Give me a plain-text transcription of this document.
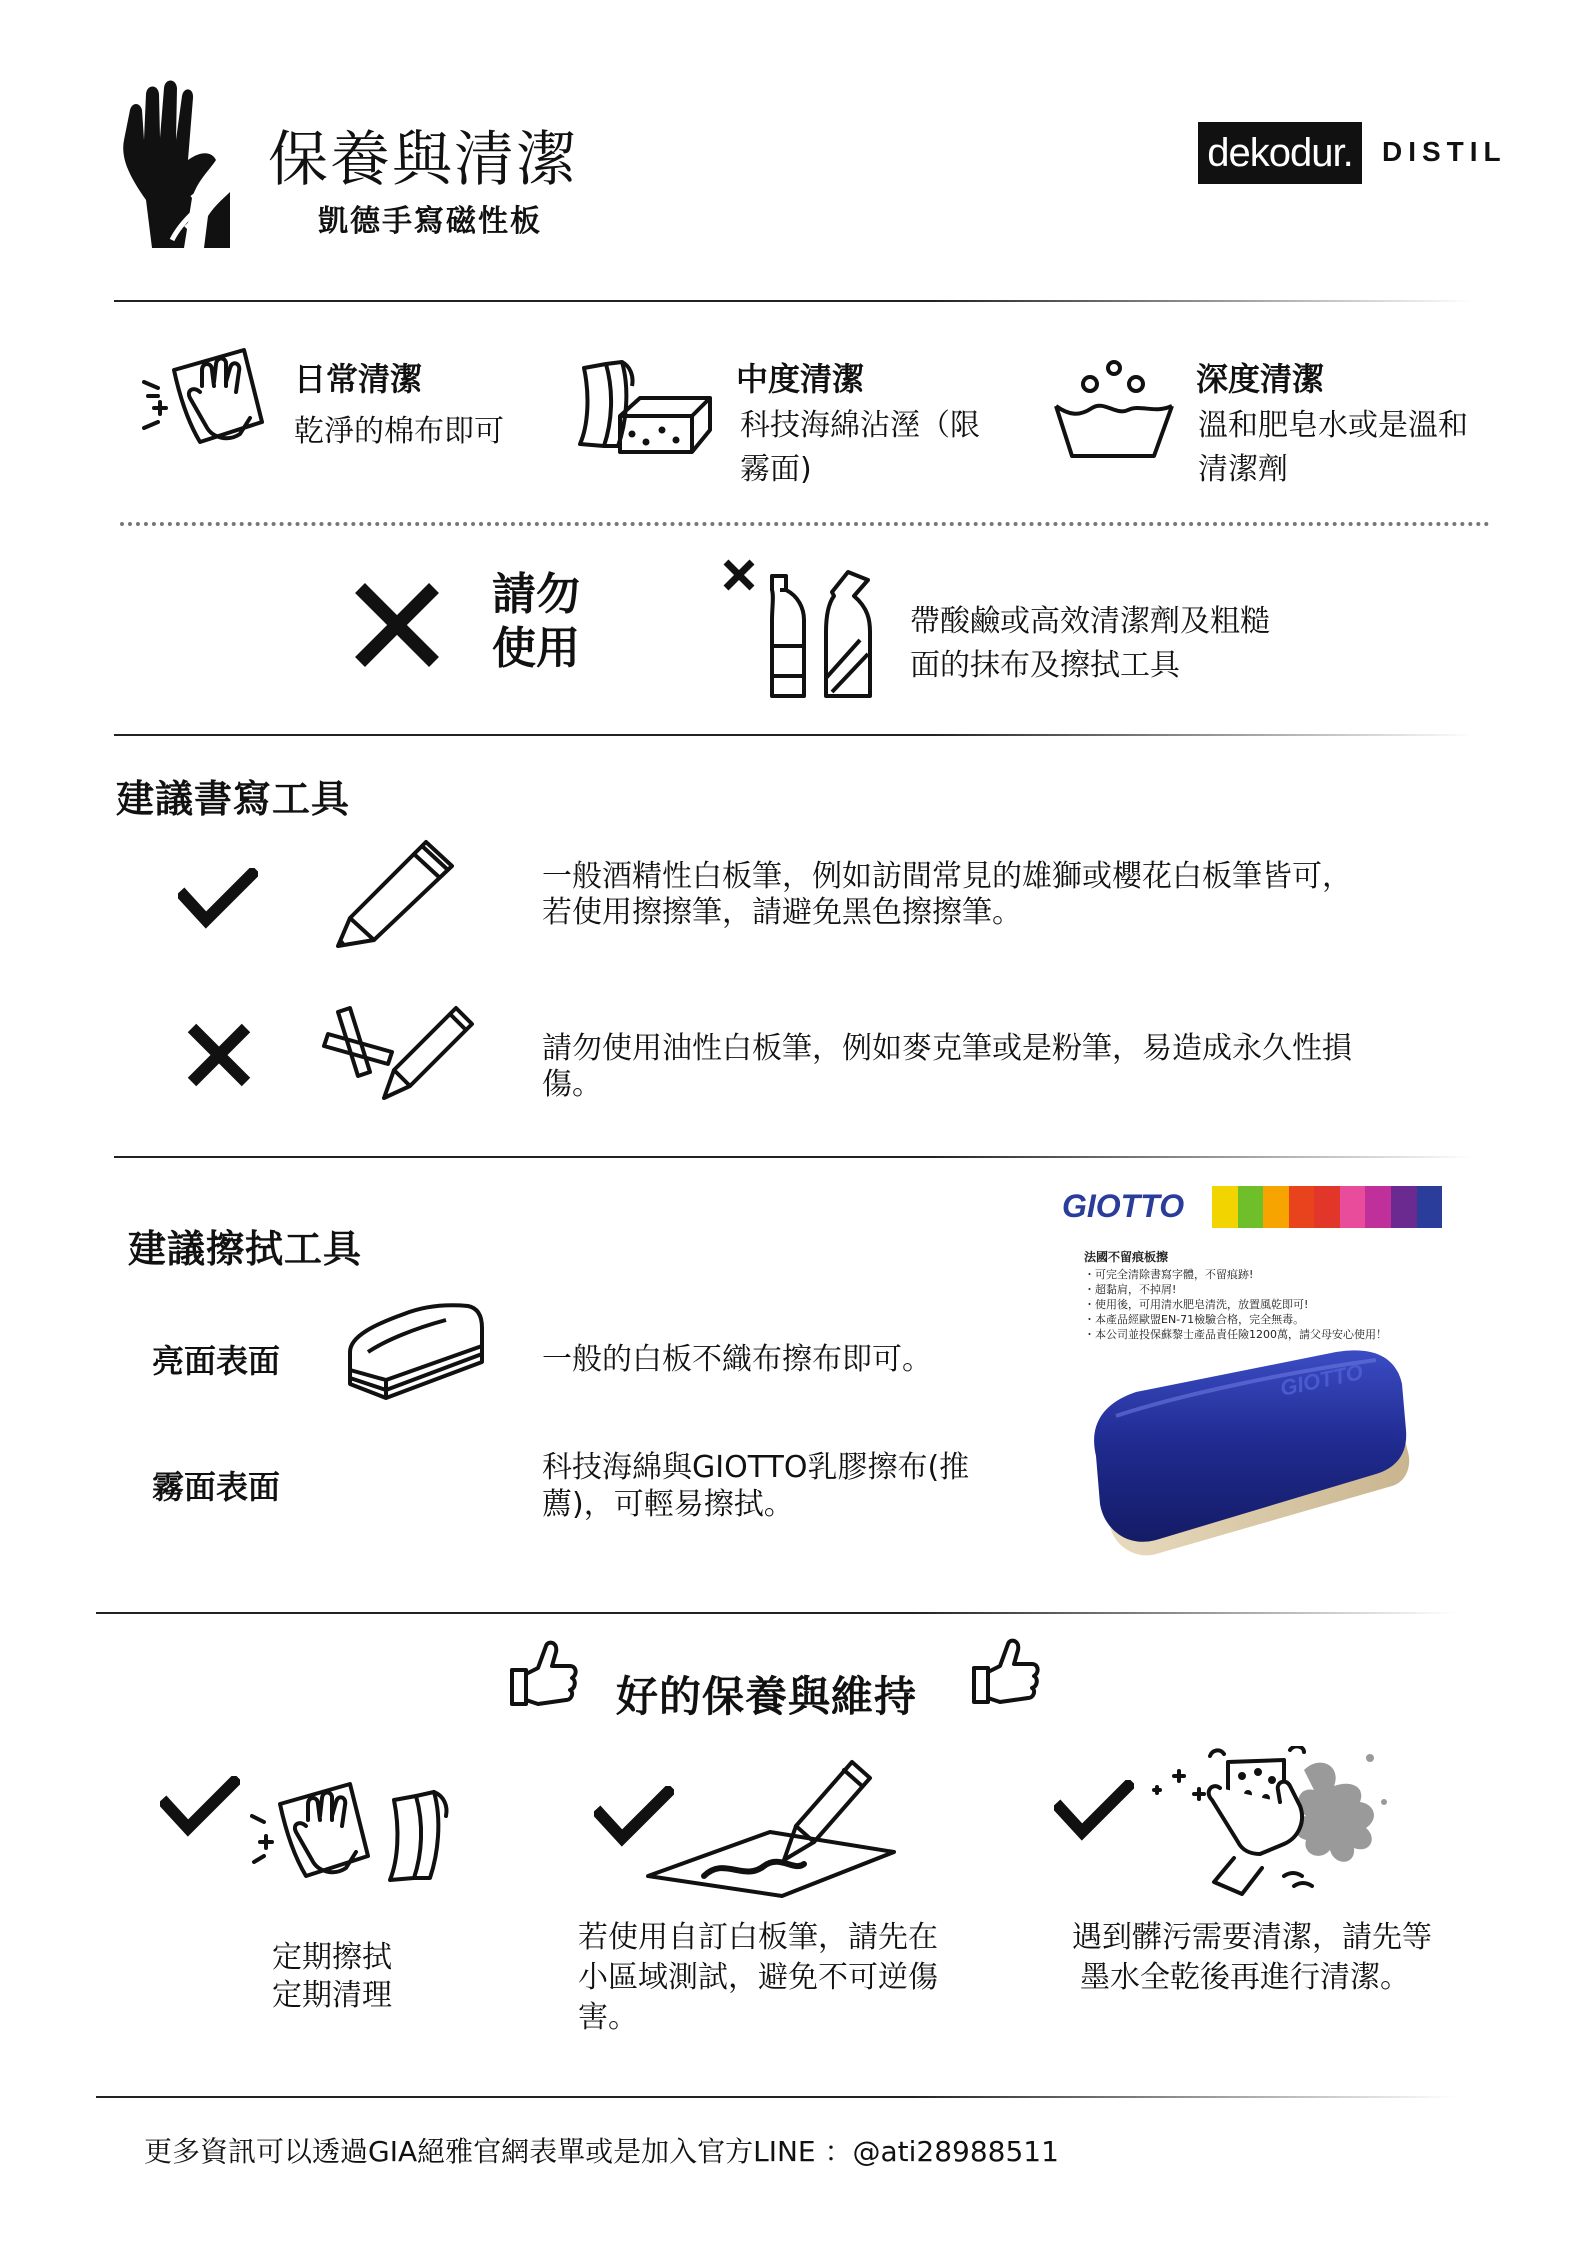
保養與清潔
凱德手寫磁性板
dekodur. DISTIL
日常清潔
乾淨的棉布即可
中度清潔
科技海綿沾溼（限
霧面)
深度清潔
溫和肥皂水或是溫和
清潔劑
請勿
使用
帶酸鹼或高效清潔劑及粗糙
面的抹布及擦拭工具
建議書寫工具
一般酒精性白板筆，例如訪間常見的雄獅或櫻花白板筆皆可，
若使用擦擦筆，請避免黑色擦擦筆。
請勿使用油性白板筆，例如麥克筆或是粉筆，易造成永久性損
傷。
建議擦拭工具
亮面表面	一般的白板不織布擦布即可。
霧面表面
科技海綿與GIOTTO乳膠擦布(推
薦)，可輕易擦拭。
GIOTTO
法國不留痕板擦
・可完全清除書寫字體，不留痕跡!
・超黏肩，不掉屑!
・使用後，可用清水肥皂清洗，放置風乾即可!
・本產品經歐盟EN-71檢驗合格，完全無毒。
・本公司並投保蘇黎士產品責任險1200萬，請父母安心使用！
GIOTTO
好的保養與維持
定期擦拭
定期清理
若使用自訂白板筆，請先在
小區域測試，避免不可逆傷
害。
遇到髒污需要清潔，請先等
墨水全乾後再進行清潔。
更多資訊可以透過GIA絕雅官網表單或是加入官方LINE ：@ati28988511
